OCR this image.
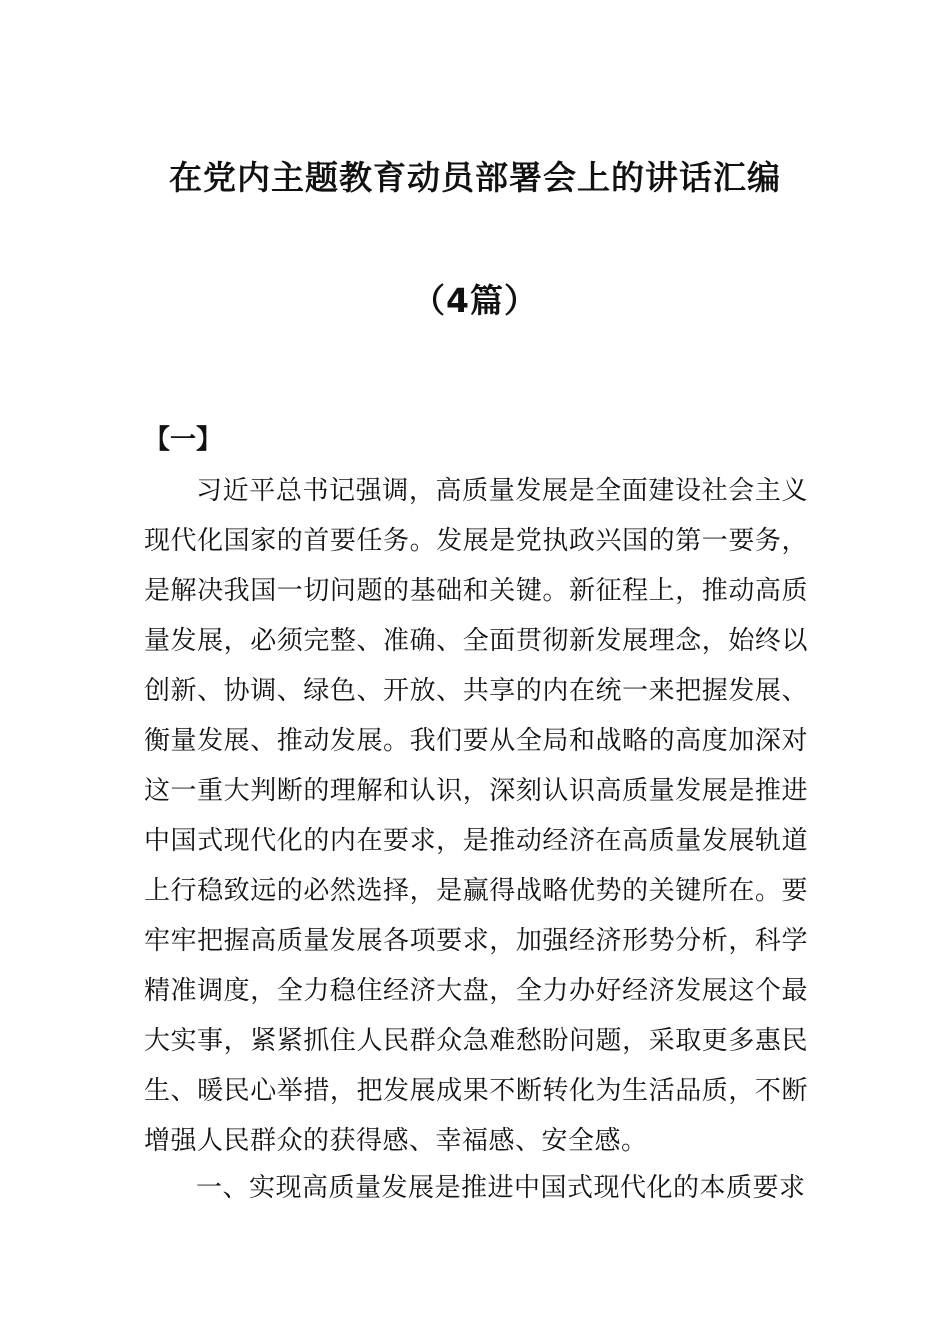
在党内主题教育动员部署会上的讲话汇编
（4篇）
【一】

习近平总书记强调，高质量发展是全面建设社会主义现代化国家的首要任务。发展是党执政兴国的第一要务，是解决我国一切问题的基础和关键。新征程上，推动高质量发展，必须完整、准确、全面贯彻新发展理念，始终以创新、协调、绿色、开放、共享的内在统一来把握发展、衡量发展、推动发展。我们要从全局和战略的高度加深对这一重大判断的理解和认识，深刻认识高质量发展是推进中国式现代化的内在要求，是推动经济在高质量发展轨道上行稳致远的必然选择，是赢得战略优势的关键所在。要牢牢把握高质量发展各项要求，加强经济形势分析，科学精准调度，全力稳住经济大盘，全力办好经济发展这个最大实事，紧紧抓住人民群众急难愁盼问题，采取更多惠民生、暖民心举措，把发展成果不断转化为生活品质，不断增强人民群众的获得感、幸福感、安全感。

一、实现高质量发展是推进中国式现代化的本质要求
